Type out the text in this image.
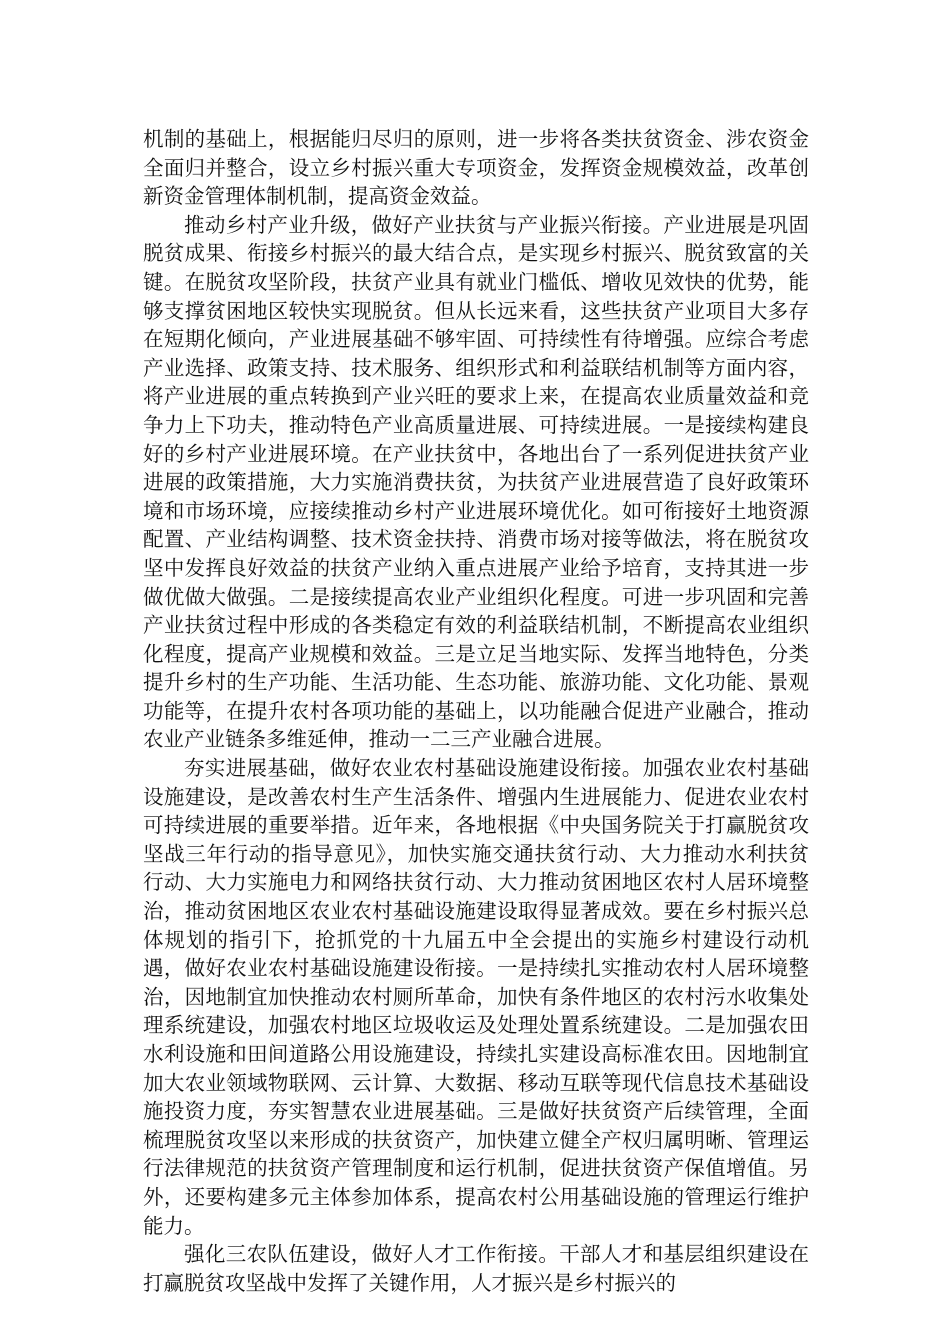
机制的基础上，根据能归尽归的原则，进一步将各类扶贫资金、涉农资金全面归并整合，设立乡村振兴重大专项资金，发挥资金规模效益，改革创新资金管理体制机制，提高资金效益。

推动乡村产业升级，做好产业扶贫与产业振兴衔接。产业进展是巩固脱贫成果、衔接乡村振兴的最大结合点，是实现乡村振兴、脱贫致富的关键。在脱贫攻坚阶段，扶贫产业具有就业门槛低、增收见效快的优势，能够支撑贫困地区较快实现脱贫。但从长远来看，这些扶贫产业项目大多存在短期化倾向，产业进展基础不够牢固、可持续性有待增强。应综合考虑产业选择、政策支持、技术服务、组织形式和利益联结机制等方面内容，将产业进展的重点转换到产业兴旺的要求上来，在提高农业质量效益和竞争力上下功夫，推动特色产业高质量进展、可持续进展。一是接续构建良好的乡村产业进展环境。在产业扶贫中，各地出台了一系列促进扶贫产业进展的政策措施，大力实施消费扶贫，为扶贫产业进展营造了良好政策环境和市场环境，应接续推动乡村产业进展环境优化。如可衔接好土地资源配置、产业结构调整、技术资金扶持、消费市场对接等做法，将在脱贫攻坚中发挥良好效益的扶贫产业纳入重点进展产业给予培育，支持其进一步做优做大做强。二是接续提高农业产业组织化程度。可进一步巩固和完善产业扶贫过程中形成的各类稳定有效的利益联结机制，不断提高农业组织化程度，提高产业规模和效益。三是立足当地实际、发挥当地特色，分类提升乡村的生产功能、生活功能、生态功能、旅游功能、文化功能、景观功能等，在提升农村各项功能的基础上，以功能融合促进产业融合，推动农业产业链条多维延伸，推动一二三产业融合进展。

夯实进展基础，做好农业农村基础设施建设衔接。加强农业农村基础设施建设，是改善农村生产生活条件、增强内生进展能力、促进农业农村可持续进展的重要举措。近年来，各地根据《中央国务院关于打赢脱贫攻坚战三年行动的指导意见》，加快实施交通扶贫行动、大力推动水利扶贫行动、大力实施电力和网络扶贫行动、大力推动贫困地区农村人居环境整治，推动贫困地区农业农村基础设施建设取得显著成效。要在乡村振兴总体规划的指引下，抢抓党的十九届五中全会提出的实施乡村建设行动机遇，做好农业农村基础设施建设衔接。一是持续扎实推动农村人居环境整治，因地制宜加快推动农村厕所革命，加快有条件地区的农村污水收集处理系统建设，加强农村地区垃圾收运及处理处置系统建设。二是加强农田水利设施和田间道路公用设施建设，持续扎实建设高标准农田。因地制宜加大农业领域物联网、云计算、大数据、移动互联等现代信息技术基础设施投资力度，夯实智慧农业进展基础。三是做好扶贫资产后续管理，全面梳理脱贫攻坚以来形成的扶贫资产，加快建立健全产权归属明晰、管理运行法律规范的扶贫资产管理制度和运行机制，促进扶贫资产保值增值。另外，还要构建多元主体参加体系，提高农村公用基础设施的管理运行维护能力。

强化三农队伍建设，做好人才工作衔接。干部人才和基层组织建设在打赢脱贫攻坚战中发挥了关键作用，人才振兴是乡村振兴的
